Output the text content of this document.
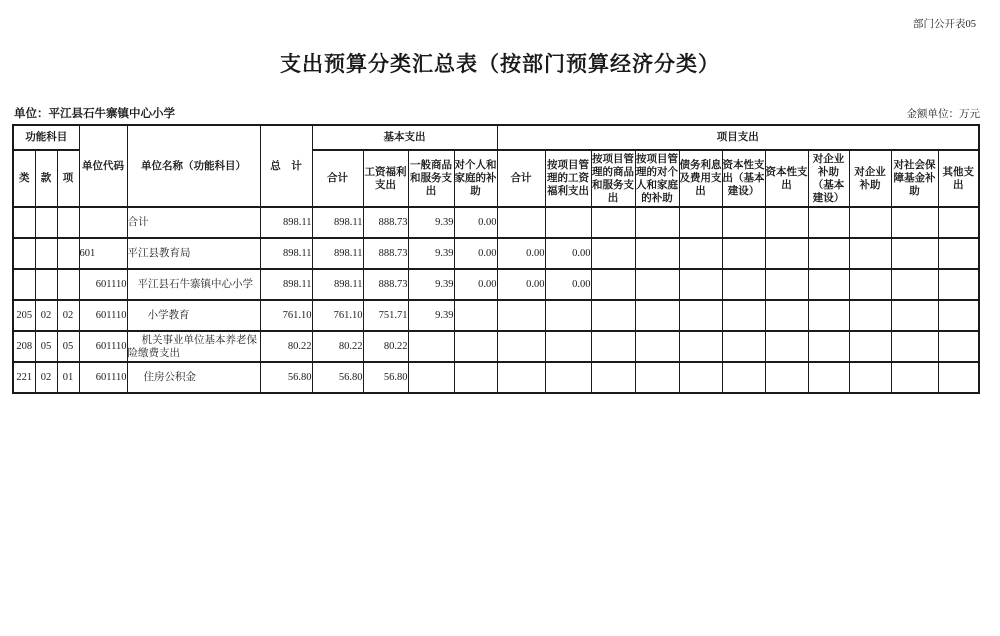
部门公开表05
支出预算分类汇总表（按部门预算经济分类）
单位：平江县石牛寨镇中心小学	金额单位：万元
功能科目			单位代码	单位名称（功能科目）	总　计	基本支出				项目支出										
类	款	项				合计	工资福利支出	一般商品和服务支出	对个人和家庭的补助	合计	按项目管理的工资福利支出	按项目管理的商品和服务支出	按项目管理的对个人和家庭的补助	债务利息及费用支出	资本性支出（基本建设）	资本性支出	对企业补助（基本建设）	对企业补助	对社会保障基金补助	其他支出
				合计	898.11	898.11	888.73	9.39	0.00											
			601	平江县教育局	898.11	898.11	888.73	9.39	0.00	0.00	0.00									
			601110	平江县石牛寨镇中心小学	898.11	898.11	888.73	9.39	0.00	0.00	0.00									
205	02	02	601110	小学教育	761.10	761.10	751.71	9.39												
208	05	05	601110	机关事业单位基本养老保险缴费支出	80.22	80.22	80.22													
221	02	01	601110	住房公积金	56.80	56.80	56.80													
